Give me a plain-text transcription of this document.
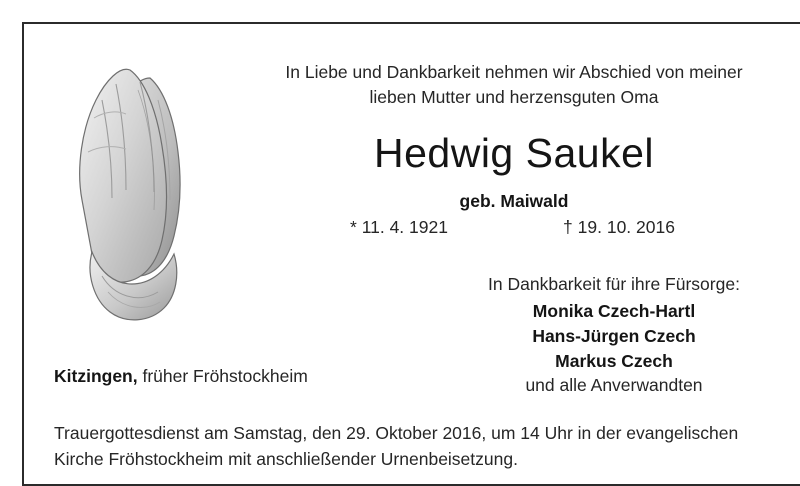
In Liebe und Dankbarkeit nehmen wir Abschied von meiner
lieben Mutter und herzensguten Oma
Hedwig Saukel
geb. Maiwald
* 11. 4. 1921	† 19. 10. 2016
In Dankbarkeit für ihre Fürsorge:
Monika Czech-Hartl
Hans-Jürgen Czech
Markus Czech
und alle Anverwandten
Kitzingen, früher Fröhstockheim
Trauergottesdienst am Samstag, den 29. Oktober 2016, um 14 Uhr in der evangelischen
Kirche Fröhstockheim mit anschließender Urnenbeisetzung.
